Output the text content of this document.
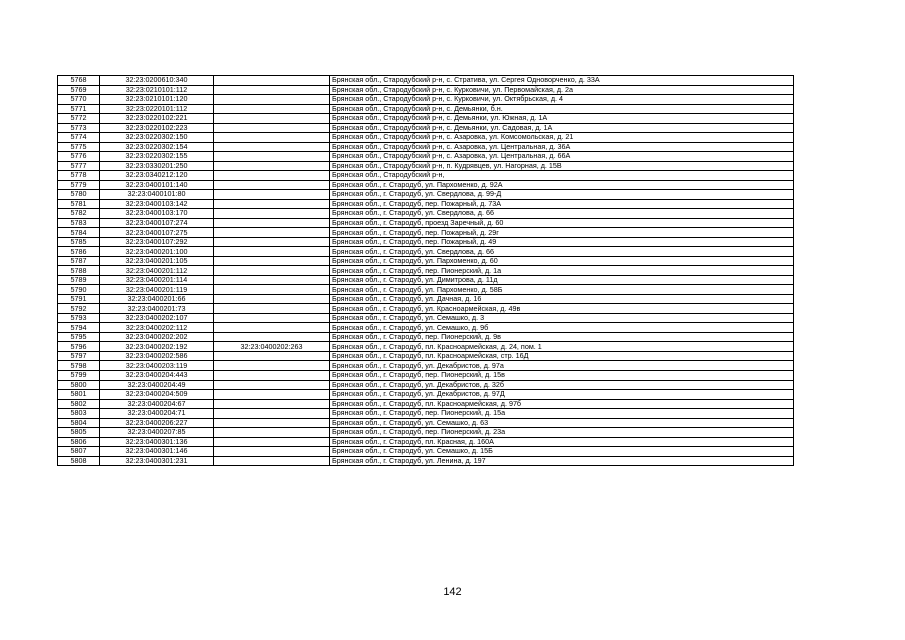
5768	32:23:0200610:340		Брянская обл., Стародубский р-н, с. Стратива, ул. Сергея Одноворченко, д. 33А
5769	32:23:0210101:112		Брянская обл., Стародубский р-н, с. Курковичи, ул. Первомайская, д. 2а
5770	32:23:0210101:120		Брянская обл., Стародубский р-н, с. Курковичи, ул. Октябрьская, д. 4
5771	32:23:0220101:112		Брянская обл., Стародубский р-н, с. Демьянки, б.н.
5772	32:23:0220102:221		Брянская обл., Стародубский р-н, с. Демьянки, ул. Южная, д. 1А
5773	32:23:0220102:223		Брянская обл., Стародубский р-н, с. Демьянки, ул. Садовая, д. 1А
5774	32:23:0220302:150		Брянская обл., Стародубский р-н, с. Азаровка, ул. Комсомольская, д. 21
5775	32:23:0220302:154		Брянская обл., Стародубский р-н, с. Азаровка, ул. Центральная, д. 36А
5776	32:23:0220302:155		Брянская обл., Стародубский р-н, с. Азаровка, ул. Центральная, д. 66А
5777	32:23:0330201:250		Брянская обл., Стародубский р-н, п. Кудрявцев, ул. Нагорная, д. 15В
5778	32:23:0340212:120		Брянская обл., Стародубский р-н,
5779	32:23:0400101:140		Брянская обл., г. Стародуб, ул. Пархоменко, д. 92А
5780	32:23:0400101:80		Брянская обл., г. Стародуб, ул. Свердлова, д. 99-Д
5781	32:23:0400103:142		Брянская обл., г. Стародуб, пер. Пожарный, д. 73А
5782	32:23:0400103:170		Брянская обл., г. Стародуб, ул. Свердлова, д. 66
5783	32:23:0400107:274		Брянская обл., г. Стародуб, проезд Заречный, д. 60
5784	32:23:0400107:275		Брянская обл., г. Стародуб, пер. Пожарный, д. 29г
5785	32:23:0400107:292		Брянская обл., г. Стародуб, пер. Пожарный, д. 49
5786	32:23:0400201:100		Брянская обл., г. Стародуб, ул. Свердлова, д. 66
5787	32:23:0400201:105		Брянская обл., г. Стародуб, ул. Пархоменко, д. 60
5788	32:23:0400201:112		Брянская обл., г. Стародуб, пер. Пионерский, д. 1а
5789	32:23:0400201:114		Брянская обл., г. Стародуб, ул. Димитрова, д. 11д
5790	32:23:0400201:119		Брянская обл., г. Стародуб, ул. Пархоменко, д. 58Б
5791	32:23:0400201:66		Брянская обл., г. Стародуб, ул. Дачная, д. 16
5792	32:23:0400201:73		Брянская обл., г. Стародуб, ул. Красноармейская, д. 49в
5793	32:23:0400202:107		Брянская обл., г. Стародуб, ул. Семашко, д. 3
5794	32:23:0400202:112		Брянская обл., г. Стародуб, ул. Семашко, д. 9б
5795	32:23:0400202:202		Брянская обл., г. Стародуб, пер. Пионерский, д. 9в
5796	32:23:0400202:192	32:23:0400202:263	Брянская обл., г. Стародуб, пл. Красноармейская, д. 24, пом. 1
5797	32:23:0400202:586		Брянская обл., г. Стародуб, пл. Красноармейская, стр. 16Д
5798	32:23:0400203:119		Брянская обл., г. Стародуб, ул. Декабристов, д. 97а
5799	32:23:0400204:443		Брянская обл., г. Стародуб, пер. Пионерский, д. 15в
5800	32:23:0400204:49		Брянская обл., г. Стародуб, ул. Декабристов, д. 32б
5801	32:23:0400204:509		Брянская обл., г. Стародуб, ул. Декабристов, д. 97Д
5802	32:23:0400204:67		Брянская обл., г. Стародуб, пл. Красноармейская, д. 97б
5803	32:23:0400204:71		Брянская обл., г. Стародуб, пер. Пионерский, д. 15а
5804	32:23:0400206:227		Брянская обл., г. Стародуб, ул. Семашко, д. 63
5805	32:23:0400207:85		Брянская обл., г. Стародуб, пер. Пионерский, д. 23а
5806	32:23:0400301:136		Брянская обл., г. Стародуб, пл. Красная, д. 160А
5807	32:23:0400301:146		Брянская обл., г. Стародуб, ул. Семашко, д. 15Б
5808	32:23:0400301:231		Брянская обл., г. Стародуб, ул. Ленина, д. 197
142
